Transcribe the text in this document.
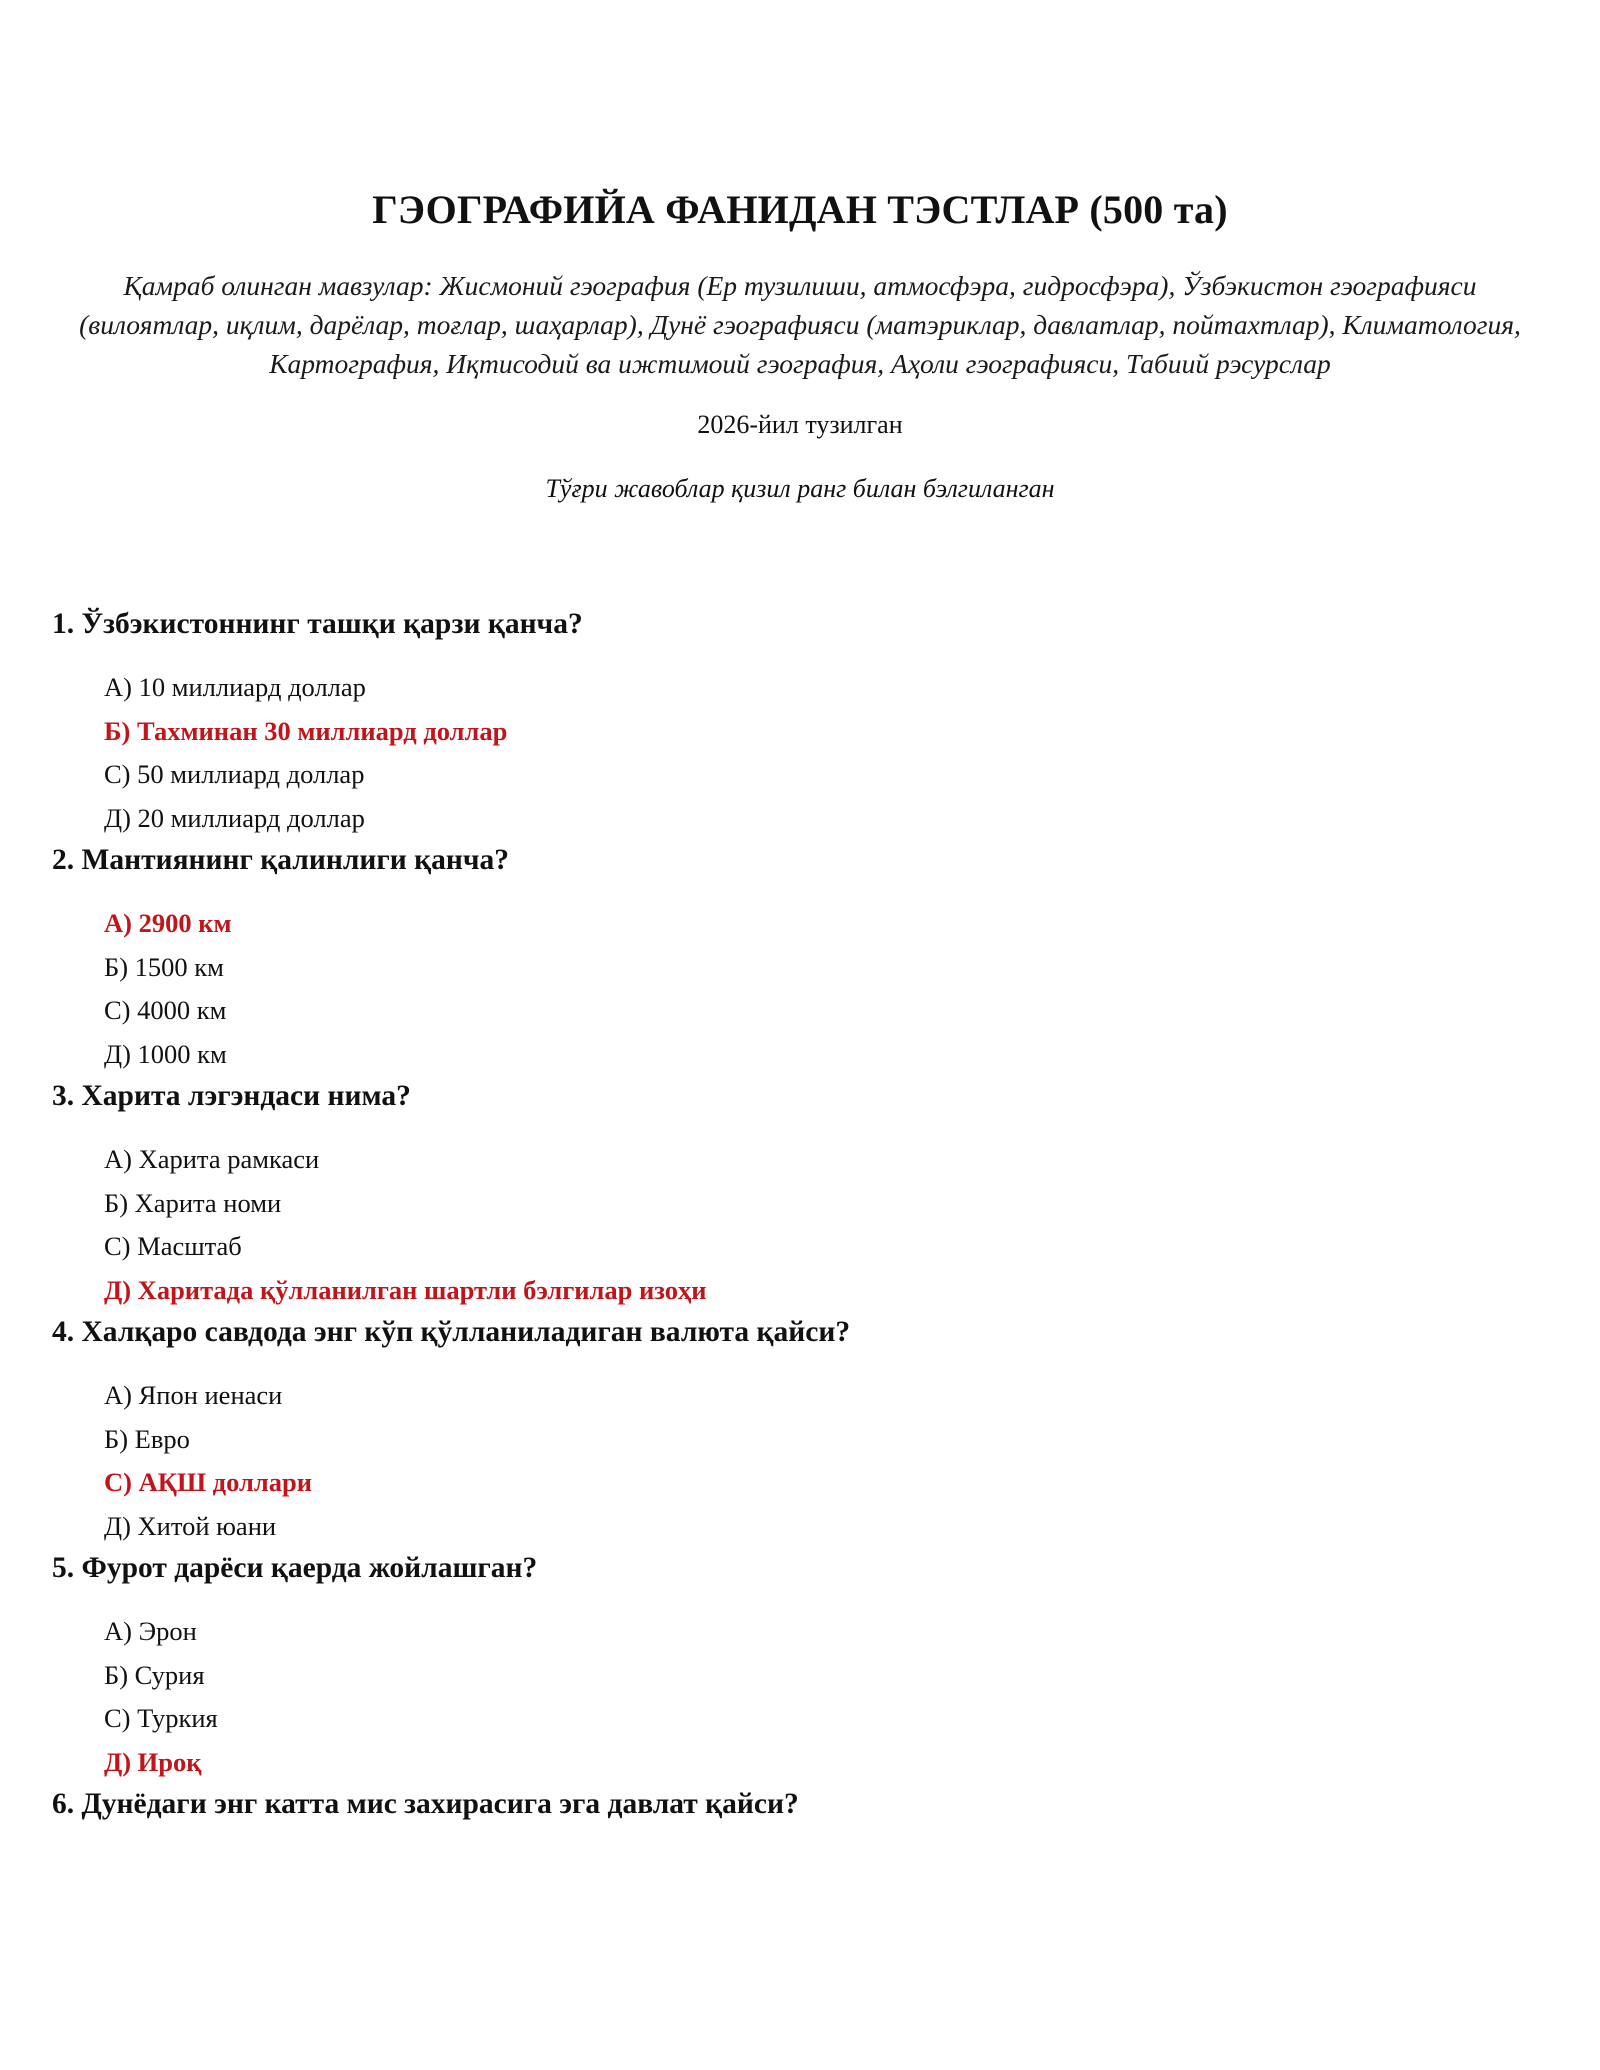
ГЭОГРАФИЙА ФАНИДАН ТЭСТЛАР (500 та)

Қамраб олинган мавзулар: Жисмоний гэография (Ер тузилиши, атмосфэра, гидросфэра), Ўзбэкистон гэографияси (вилоятлар, иқлим, дарёлар, тоғлар, шаҳарлар), Дунё гэографияси (матэриклар, давлатлар, пойтахтлар), Климатология, Картография, Иқтисодий ва ижтимоий гэография, Аҳоли гэографияси, Табиий рэсурслар

2026-йил тузилган

Тўғри жавоблар қизил ранг билан бэлгиланган

1. Ўзбэкистоннинг ташқи қарзи қанча?

А) 10 миллиард доллар
Б) Тахминан 30 миллиард доллар
С) 50 миллиард доллар
Д) 20 миллиард доллар

2. Мантиянинг қалинлиги қанча?

А) 2900 км
Б) 1500 км
С) 4000 км
Д) 1000 км

3. Харита лэгэндаси нима?

А) Харита рамкаси
Б) Харита номи
С) Масштаб
Д) Харитада қўлланилган шартли бэлгилар изоҳи

4. Халқаро савдода энг кўп қўлланиладиган валюта қайси?

А) Япон иенаси
Б) Евро
С) АҚШ доллари
Д) Хитой юани

5. Фурот дарёси қаерда жойлашган?

А) Эрон
Б) Сурия
С) Туркия
Д) Ироқ

6. Дунёдаги энг катта мис захирасига эга давлат қайси?
